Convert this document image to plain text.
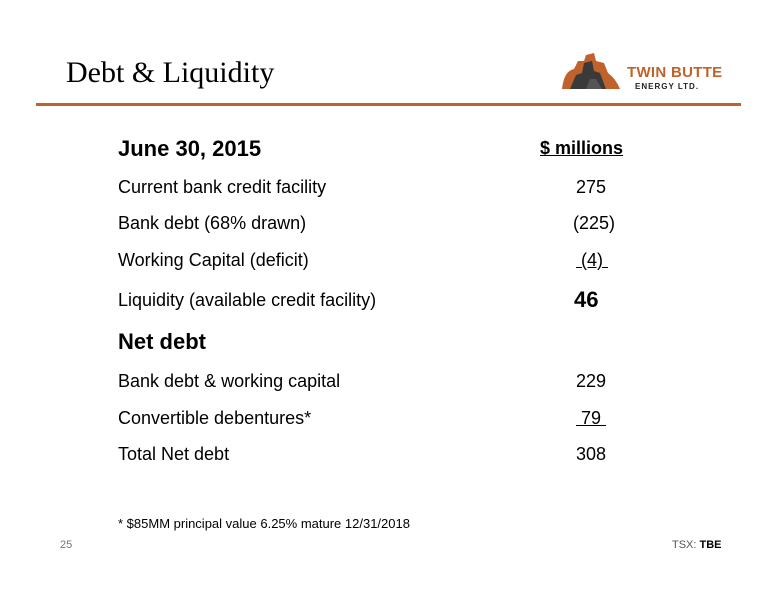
Debt & Liquidity	TWIN BUTTE
ENERGY LTD.
June 30, 2015	$ millions
Current bank credit facility	275
Bank debt (68% drawn)	(225)
Working Capital (deficit)	(4)
Liquidity (available credit facility)	46
Net debt
Bank debt & working capital	229
Convertible debentures*	79
Total Net debt	308
* $85MM principal value 6.25% mature 12/31/2018
25	TSX: TBE
